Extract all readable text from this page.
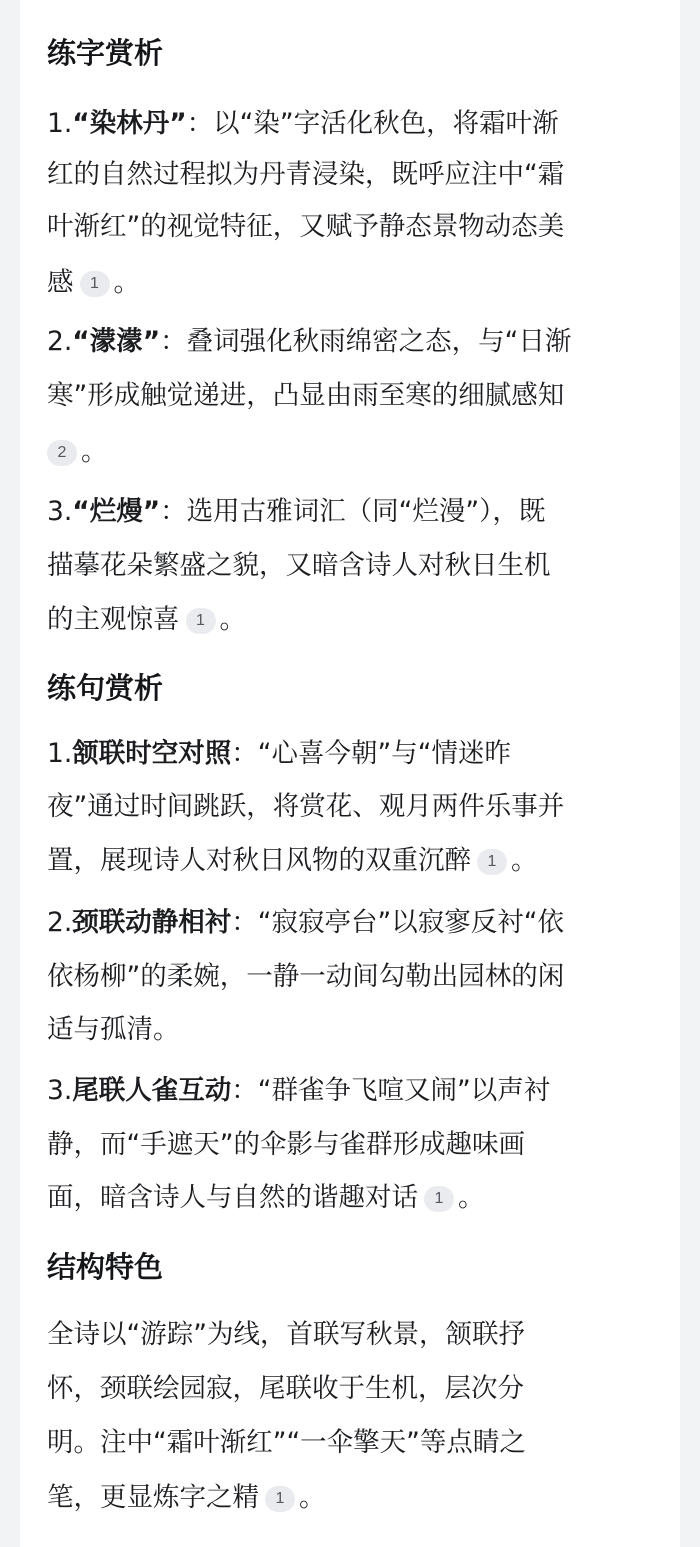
练字赏析
1.“染林丹”：以“染”字活化秋色，将霜叶渐
红的自然过程拟为丹青浸染，既呼应注中“霜
叶渐红”的视觉特征，又赋予静态景物动态美
感 1 。
2.“濛濛”：叠词强化秋雨绵密之态，与“日渐
寒”形成触觉递进，凸显由雨至寒的细腻感知
2 。
3.“烂熳”：选用古雅词汇（同“烂漫”），既
描摹花朵繁盛之貌，又暗含诗人对秋日生机
的主观惊喜 1 。
练句赏析
1.颔联时空对照：“心喜今朝”与“情迷昨
夜”通过时间跳跃，将赏花、观月两件乐事并
置，展现诗人对秋日风物的双重沉醉 1 。
2.颈联动静相衬：“寂寂亭台”以寂寥反衬“依
依杨柳”的柔婉，一静一动间勾勒出园林的闲
适与孤清。
3.尾联人雀互动：“群雀争飞喧又闹”以声衬
静，而“手遮天”的伞影与雀群形成趣味画
面，暗含诗人与自然的谐趣对话 1 。
结构特色
全诗以“游踪”为线，首联写秋景，颔联抒
怀，颈联绘园寂，尾联收于生机，层次分
明。注中“霜叶渐红”“一伞擎天”等点睛之
笔，更显炼字之精 1 。
